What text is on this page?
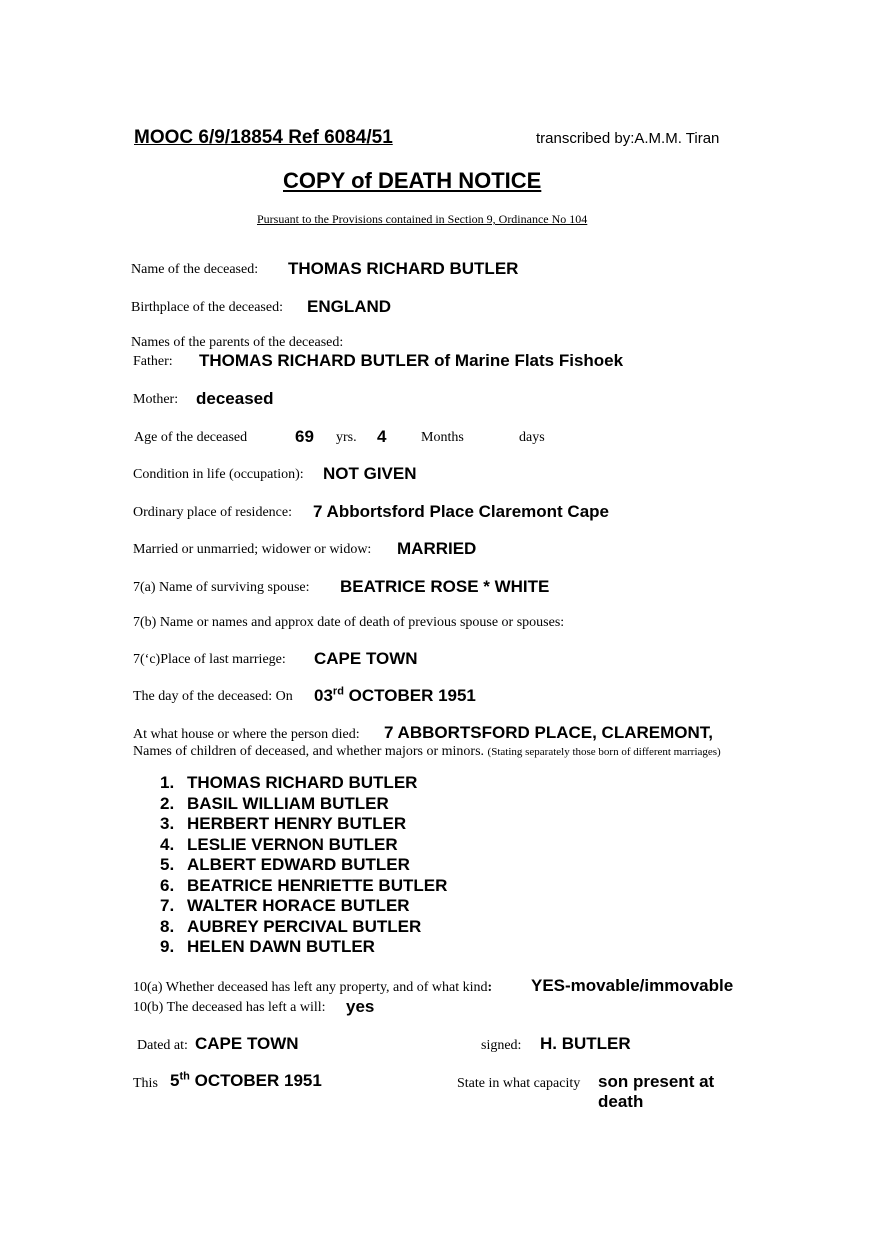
MOOC 6/9/18854 Ref 6084/51	transcribed by:A.M.M. Tiran
COPY of DEATH NOTICE
Pursuant to the Provisions contained in Section 9, Ordinance No 104
Name of the deceased: THOMAS RICHARD BUTLER
Birthplace of the deceased: ENGLAND
Names of the parents of the deceased:
Father: THOMAS RICHARD BUTLER of Marine Flats Fishoek
Mother: deceased
Age of the deceased	69 yrs. 4 Months	days
Condition in life (occupation): NOT GIVEN
Ordinary place of residence: 7 Abbortsford Place Claremont Cape
Married or unmarried; widower or widow: MARRIED
7(a) Name of surviving spouse: BEATRICE ROSE * WHITE
7(b) Name or names and approx date of death of previous spouse or spouses:
7(‘c)Place of last marriege: CAPE TOWN
The day of the deceased: On 03rd OCTOBER 1951
At what house or where the person died: 7 ABBORTSFORD PLACE, CLAREMONT,
Names of children of deceased, and whether majors or minors. (Stating separately those born of different marriages)
1. THOMAS RICHARD BUTLER
2. BASIL WILLIAM BUTLER
3. HERBERT HENRY BUTLER
4. LESLIE VERNON BUTLER
5. ALBERT EDWARD BUTLER
6. BEATRICE HENRIETTE BUTLER
7. WALTER HORACE BUTLER
8. AUBREY PERCIVAL BUTLER
9. HELEN DAWN BUTLER
10(a) Whether deceased has left any property, and of what kind: YES-movable/immovable
10(b) The deceased has left a will: yes
Dated at: CAPE TOWN	signed: H. BUTLER
This 5th OCTOBER 1951	State in what capacity son present at
death
